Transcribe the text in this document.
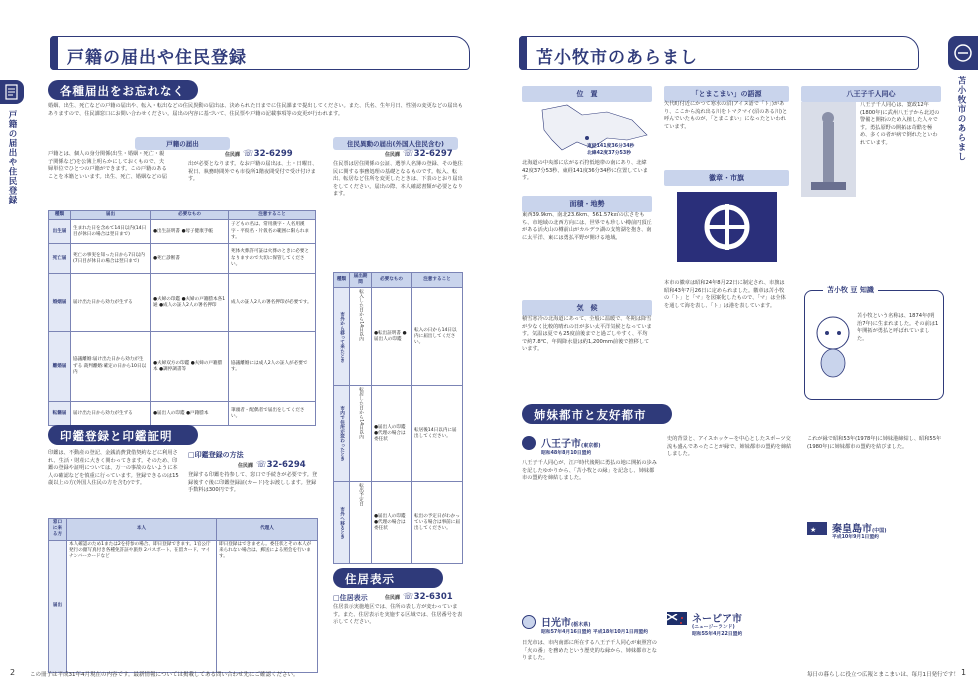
戸籍の届出や住民登録
戸籍の届出や住民登録
各種届出をお忘れなく
婚姻、出生、死亡などの戸籍の届出や、転入・転出などの住民異動の届出は、決められた日までに住民課まで提出してください。また、氏名、生年月日、性別の変更などの届出もありますので、住民課窓口にお問い合わせください。届出の内容に基づいて、住民票や戸籍の記載事項等の変更が行われます。
戸籍の届出
戸籍とは、個人の身分関係(出生・婚姻・死亡・親子関係など)を公簿上明らかにしておくもので、夫婦単位でひとつの戸籍ができます。この戸籍のあることを本籍といいます。出生、死亡、婚姻などの届
住民課 ☏32-6299
出が必要となります。なお戸籍の届出は、土・日曜日、祝日、執務時間外でも市役所1階夜間受付で受け付けます。
種類	届出	必要なもの	注意すること
出生届	生まれた日を含めて14日以内(14日目が休日の場合は翌日まで)	●出生証明書 ●母子健康手帳	子どもの名は、常用漢字・人名用漢字・平仮名・片仮名の範囲に限られます。
死亡届	死亡の事実を知った日から7日以内(7日目が休日の場合は翌日まで)	●死亡診断書	死体火葬許可証は火葬のときに必要となりますので大切に保管してください。
婚姻届	届け出た日から効力が生ずる	●夫婦の印鑑 ●夫婦の戸籍謄本各1通 ●成人の証人2人の署名押印	成人の証人2人の署名押印が必要です。
離婚届	協議離婚:届け出た日から効力が生ずる 裁判離婚:確定の日から10日以内	●夫婦双方の印鑑 ●夫婦の戸籍謄本 ●調停調書等	協議離婚には成人2人の証人が必要です。
転籍届	届け出た日から効力が生ずる	●届出人の印鑑 ●戸籍謄本	筆頭者・配偶者で届出をしてください。
住民異動の届出(外国人住民含む)
住民課 ☏32-6297
住民票は居住関係の公証、選挙人名簿の登録、その他住民に関する事務処理の基礎となるものです。転入、転出、転居など住所を変更したときは、下表のとおり届出をしてください。届出の際、本人確認書類が必要となります。
種類	届出期間	必要なもの	注意すること
市外から移って来たとき	転入した日から14日以内	●転出証明書 ●届出人の印鑑	転入の日から14日以内に届出してください。
市内で住所が変わったとき	転居した日から14日以内	●届出人の印鑑 ●代理の場合は委任状	転居後14日以内に届出してください。
市外へ移るとき	転出予定日	●届出人の印鑑 ●代理の場合は委任状	転出の予定日がわかっている場合は事前に届出してください。
印鑑登録と印鑑証明
印鑑は、不動産の登記、金銭消費貸借契約などに利用され、生活・財産に大きく関わってきます。そのため、印鑑の登録や証明については、万一の事故のないように本人の確認などを慎重に行っています。登録できるのは15歳以上の方(外国人住民の方を含む)です。
□印鑑登録の方法
住民課 ☏32-6294
登録する印鑑を持参して、窓口で手続きが必要です。登録後すぐ後に印鑑登録証(カード)をお渡しします。登録手数料は300円です。
窓口に来る方	本人	代理人

届出	本人確認のため1または2を持参の場合、即日登録できます。1官公庁発行の顔写真付き各種免許証や旅券 2パスポート、在留カード、マイナンバーカードなど	即日登録はできません。委任状とその本人が来られない場合は、郵送による照会を行います。
住居表示
□住居表示	住民課 ☏32-6301
住居表示実施地区では、住所の表し方が変わっています。また、住居表示を実施する区域では、住居番号を表示してください。
2	この冊子は平成31年4月現在の内容です。最新情報については掲載してある問い合わせ先にご確認ください。
苫小牧市のあらまし
苫小牧市のあらまし
位　置
東経141度36分34秒
北緯42度37分53秒
北海道の中央部に広がる石狩低地帯の南にあり、北緯42度37分53秒、東経141度36分34秒に位置しています。
面積・地勢
東西39.9km、南北23.6km、561.57k㎡の広さをもち、市地域の北西方向には、世界でも珍しい樽前円頂丘がある活火山の樽前山がカルデラ湖の支笏湖を抱き、南に太平洋、東には勇払平野が開ける地域。
気　候
積雪寒冷の北海道にあって、全般に温暖で、冬期は降雪が少なく比較的晴れの日が多い太平洋気候となっています。気温は夏でも25度前後までと過ごしやすく、平均で約7.8℃、年間降水量は約1,200mm前後で推移しています。
「とまこまい」の語源
矢代町付近にかつて寒水の沼(アイヌ語で「ト」)があり、ここから流れ出る川をトマクマイ(沼のある川)と呼んでいたものが、「とまこまい」になったといわれています。
徽章・市旗
本市の徽章は昭和24年8月22日に制定され、市旗は昭和43年7月26日に定められました。徽章は苫小牧の「ト」と「マ」を図案化したもので、「マ」は全体を通して海を表し、「ト」は港を表しています。
八王子千人同心
八王子千人同心は、寛政12年(1800年)に武州八王子から北辺の警備と開拓のため入植した人々です。勇払原野の開拓は苛酷を極め、多くの者が病で倒れたといわれています。
苫小牧 豆 知識
苫小牧という名称は、1874年(明治7年)に生まれました。その前は1年開拓が勇払と呼ばれていました。
姉妹都市と友好都市
八王子市(東京都)
昭和48年8月10日盟約
八王子千人同心が、江戸時代後期に勇払の地に開拓の歩みを記したゆかりから、「苫小牧との縁」を記念し、姉妹都市の盟約を締結しました。
日光市(栃木県)
昭和57年4月16日盟約 平成18年10月1日再盟約
日光市は、市内南部に所在する八王子千人同心が東照宮の「火の番」を務めたという歴史的な縁から、姉妹都市となりました。
史的背景と、アイスホッケーを中心としたスポーツ交流も盛んであったことが縁で、姉妹都市の盟約を締結しました。
ネーピア市
(ニュージーランド)
昭和55年4月22日盟約
これが縁で昭和53年(1978年)に姉妹港締結し、昭和55年(1980年)に姉妹都市の盟約を結びました。
★ 秦皇島市(中国)
平成10年9月1日盟約
毎日の暮らしに役立つ広報とまこまいは、毎月1日発行です！ 1
